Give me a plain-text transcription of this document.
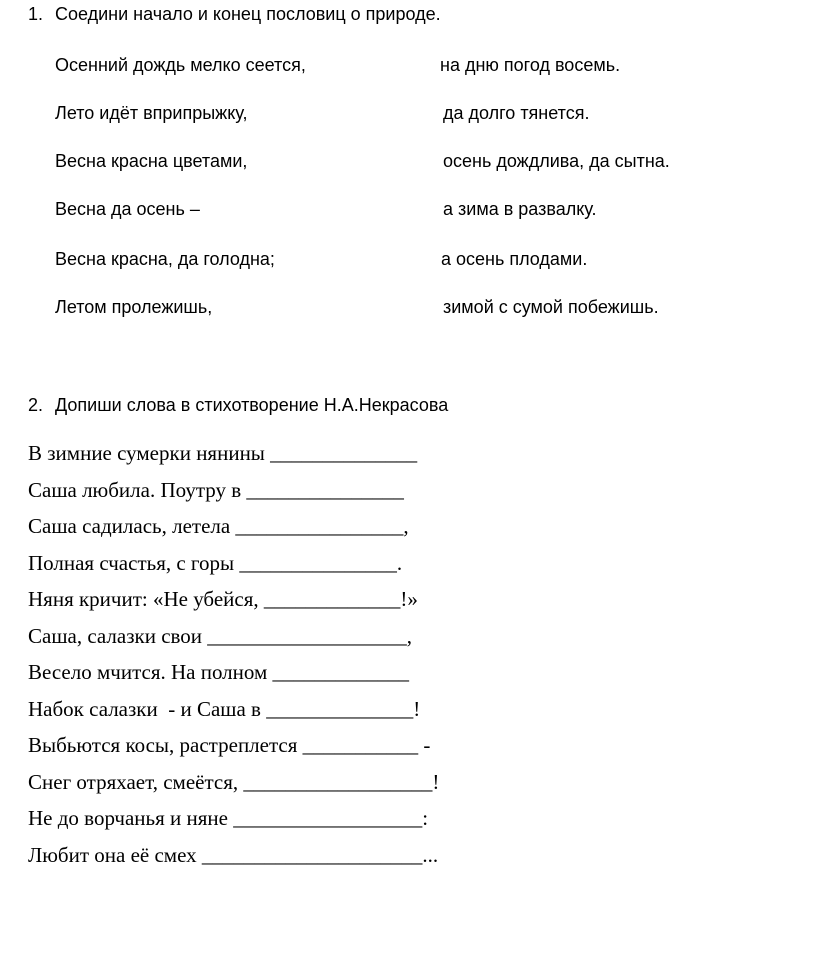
1. Соедини начало и конец пословиц о природе.
Осенний дождь мелко сеется,
Лето идёт вприпрыжку,
Весна красна цветами,
Весна да осень –
Весна красна, да голодна;
Летом пролежишь,
на дню погод восемь.
да долго тянется.
осень дождлива, да сытна.
а зима в развалку.
а осень плодами.
зимой с сумой побежишь.
2. Допиши слова в стихотворение Н.А.Некрасова
В зимние сумерки нянины ______________
Саша любила. Поутру в _______________
Саша садилась, летела ________________,
Полная счастья, с горы _______________.
Няня кричит: «Не убейся, _____________!»
Саша, салазки свои ___________________,
Весело мчится. На полном _____________
Набок салазки  - и Саша в ______________!
Выбьются косы, растреплется ___________ -
Снег отряхает, смеётся, __________________!
Не до ворчанья и няне __________________:
Любит она её смех _____________________...
